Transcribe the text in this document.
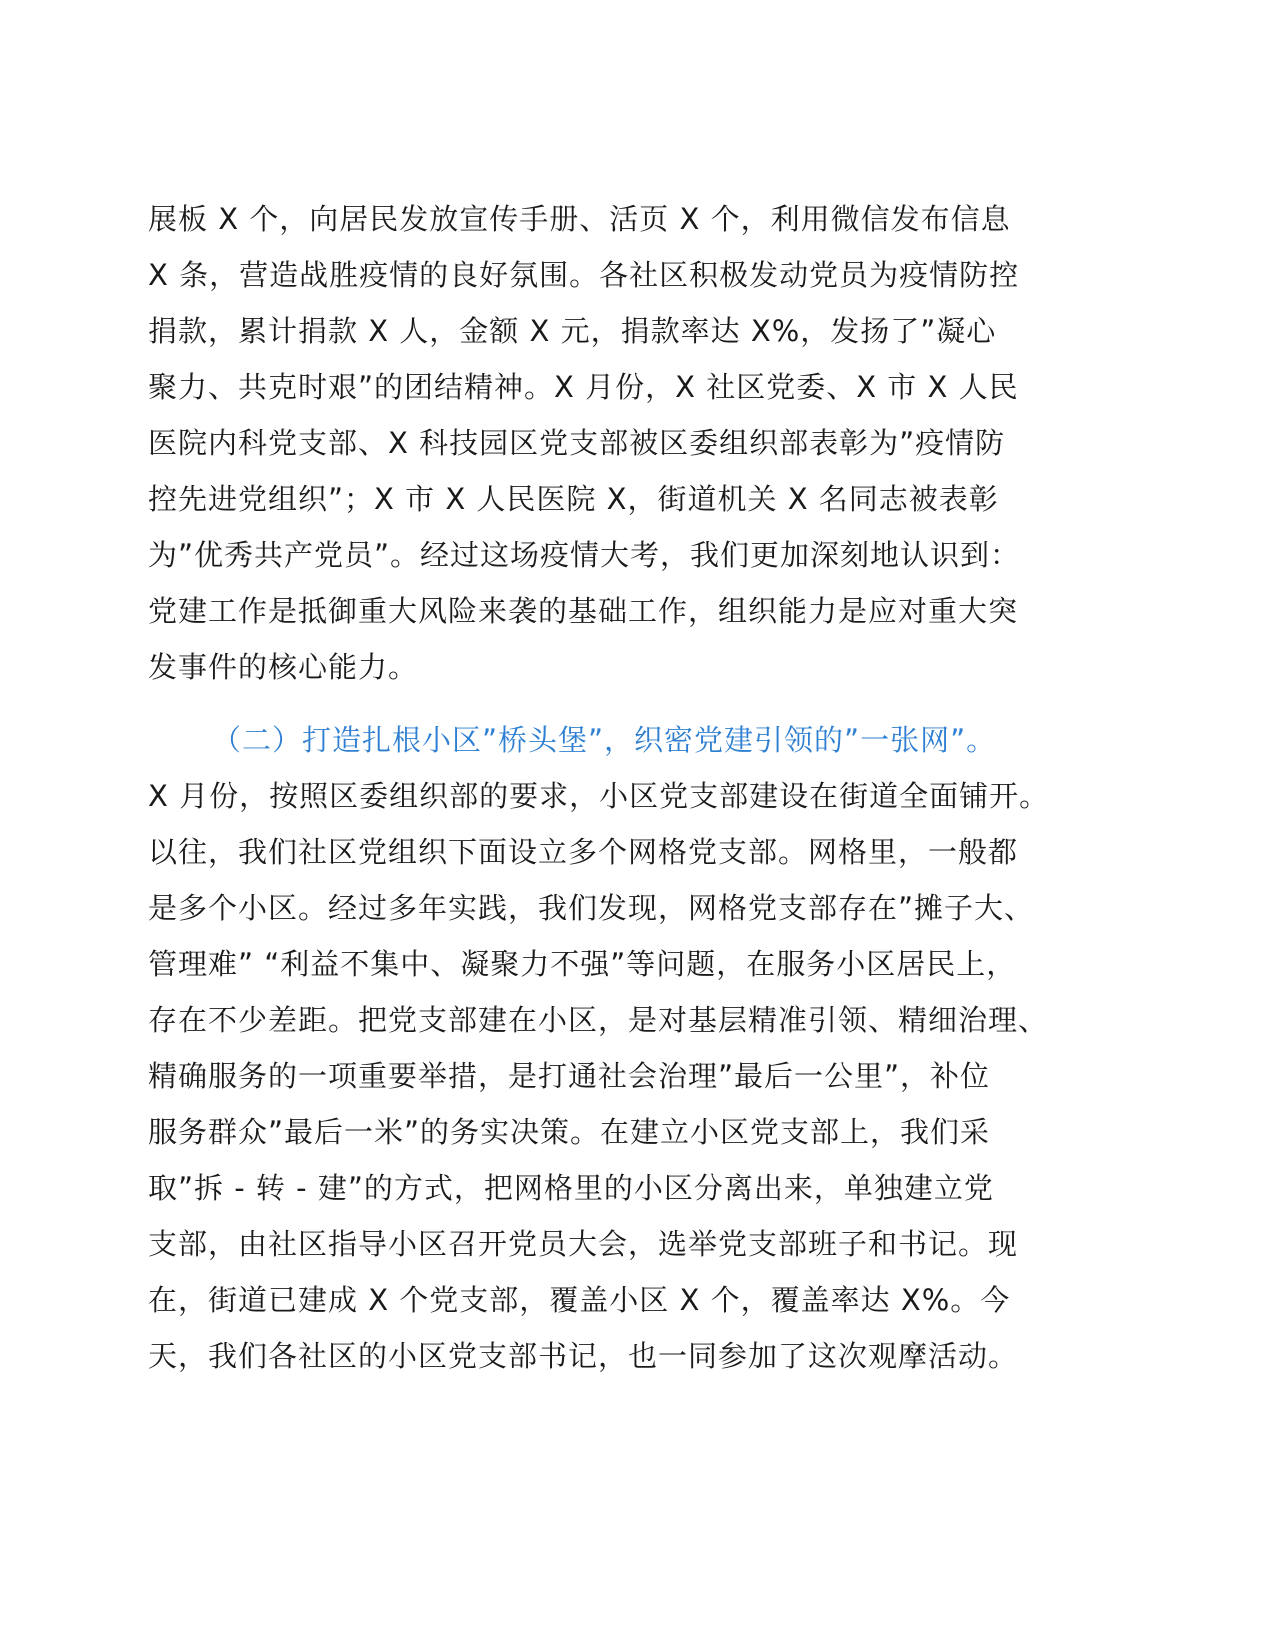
展板 X 个，向居民发放宣传手册、活页 X 个，利用微信发布信息
X 条，营造战胜疫情的良好氛围。各社区积极发动党员为疫情防控
捐款，累计捐款 X 人，金额 X 元，捐款率达 X%，发扬了”凝心
聚力、共克时艰”的团结精神。X 月份，X 社区党委、X 市 X 人民
医院内科党支部、X 科技园区党支部被区委组织部表彰为”疫情防
控先进党组织”；X 市 X 人民医院 X，街道机关 X 名同志被表彰
为”优秀共产党员”。经过这场疫情大考，我们更加深刻地认识到：
党建工作是抵御重大风险来袭的基础工作，组织能力是应对重大突
发事件的核心能力。
（二）打造扎根小区”桥头堡”，织密党建引领的”一张网”。
X 月份，按照区委组织部的要求，小区党支部建设在街道全面铺开。
以往，我们社区党组织下面设立多个网格党支部。网格里，一般都
是多个小区。经过多年实践，我们发现，网格党支部存在”摊子大、
管理难” “利益不集中、凝聚力不强”等问题，在服务小区居民上，
存在不少差距。把党支部建在小区，是对基层精准引领、精细治理、
精确服务的一项重要举措，是打通社会治理”最后一公里”，补位
服务群众”最后一米”的务实决策。在建立小区党支部上，我们采
取”拆 - 转 - 建”的方式，把网格里的小区分离出来，单独建立党
支部，由社区指导小区召开党员大会，选举党支部班子和书记。现
在，街道已建成 X 个党支部，覆盖小区 X 个，覆盖率达 X%。今
天，我们各社区的小区党支部书记，也一同参加了这次观摩活动。
